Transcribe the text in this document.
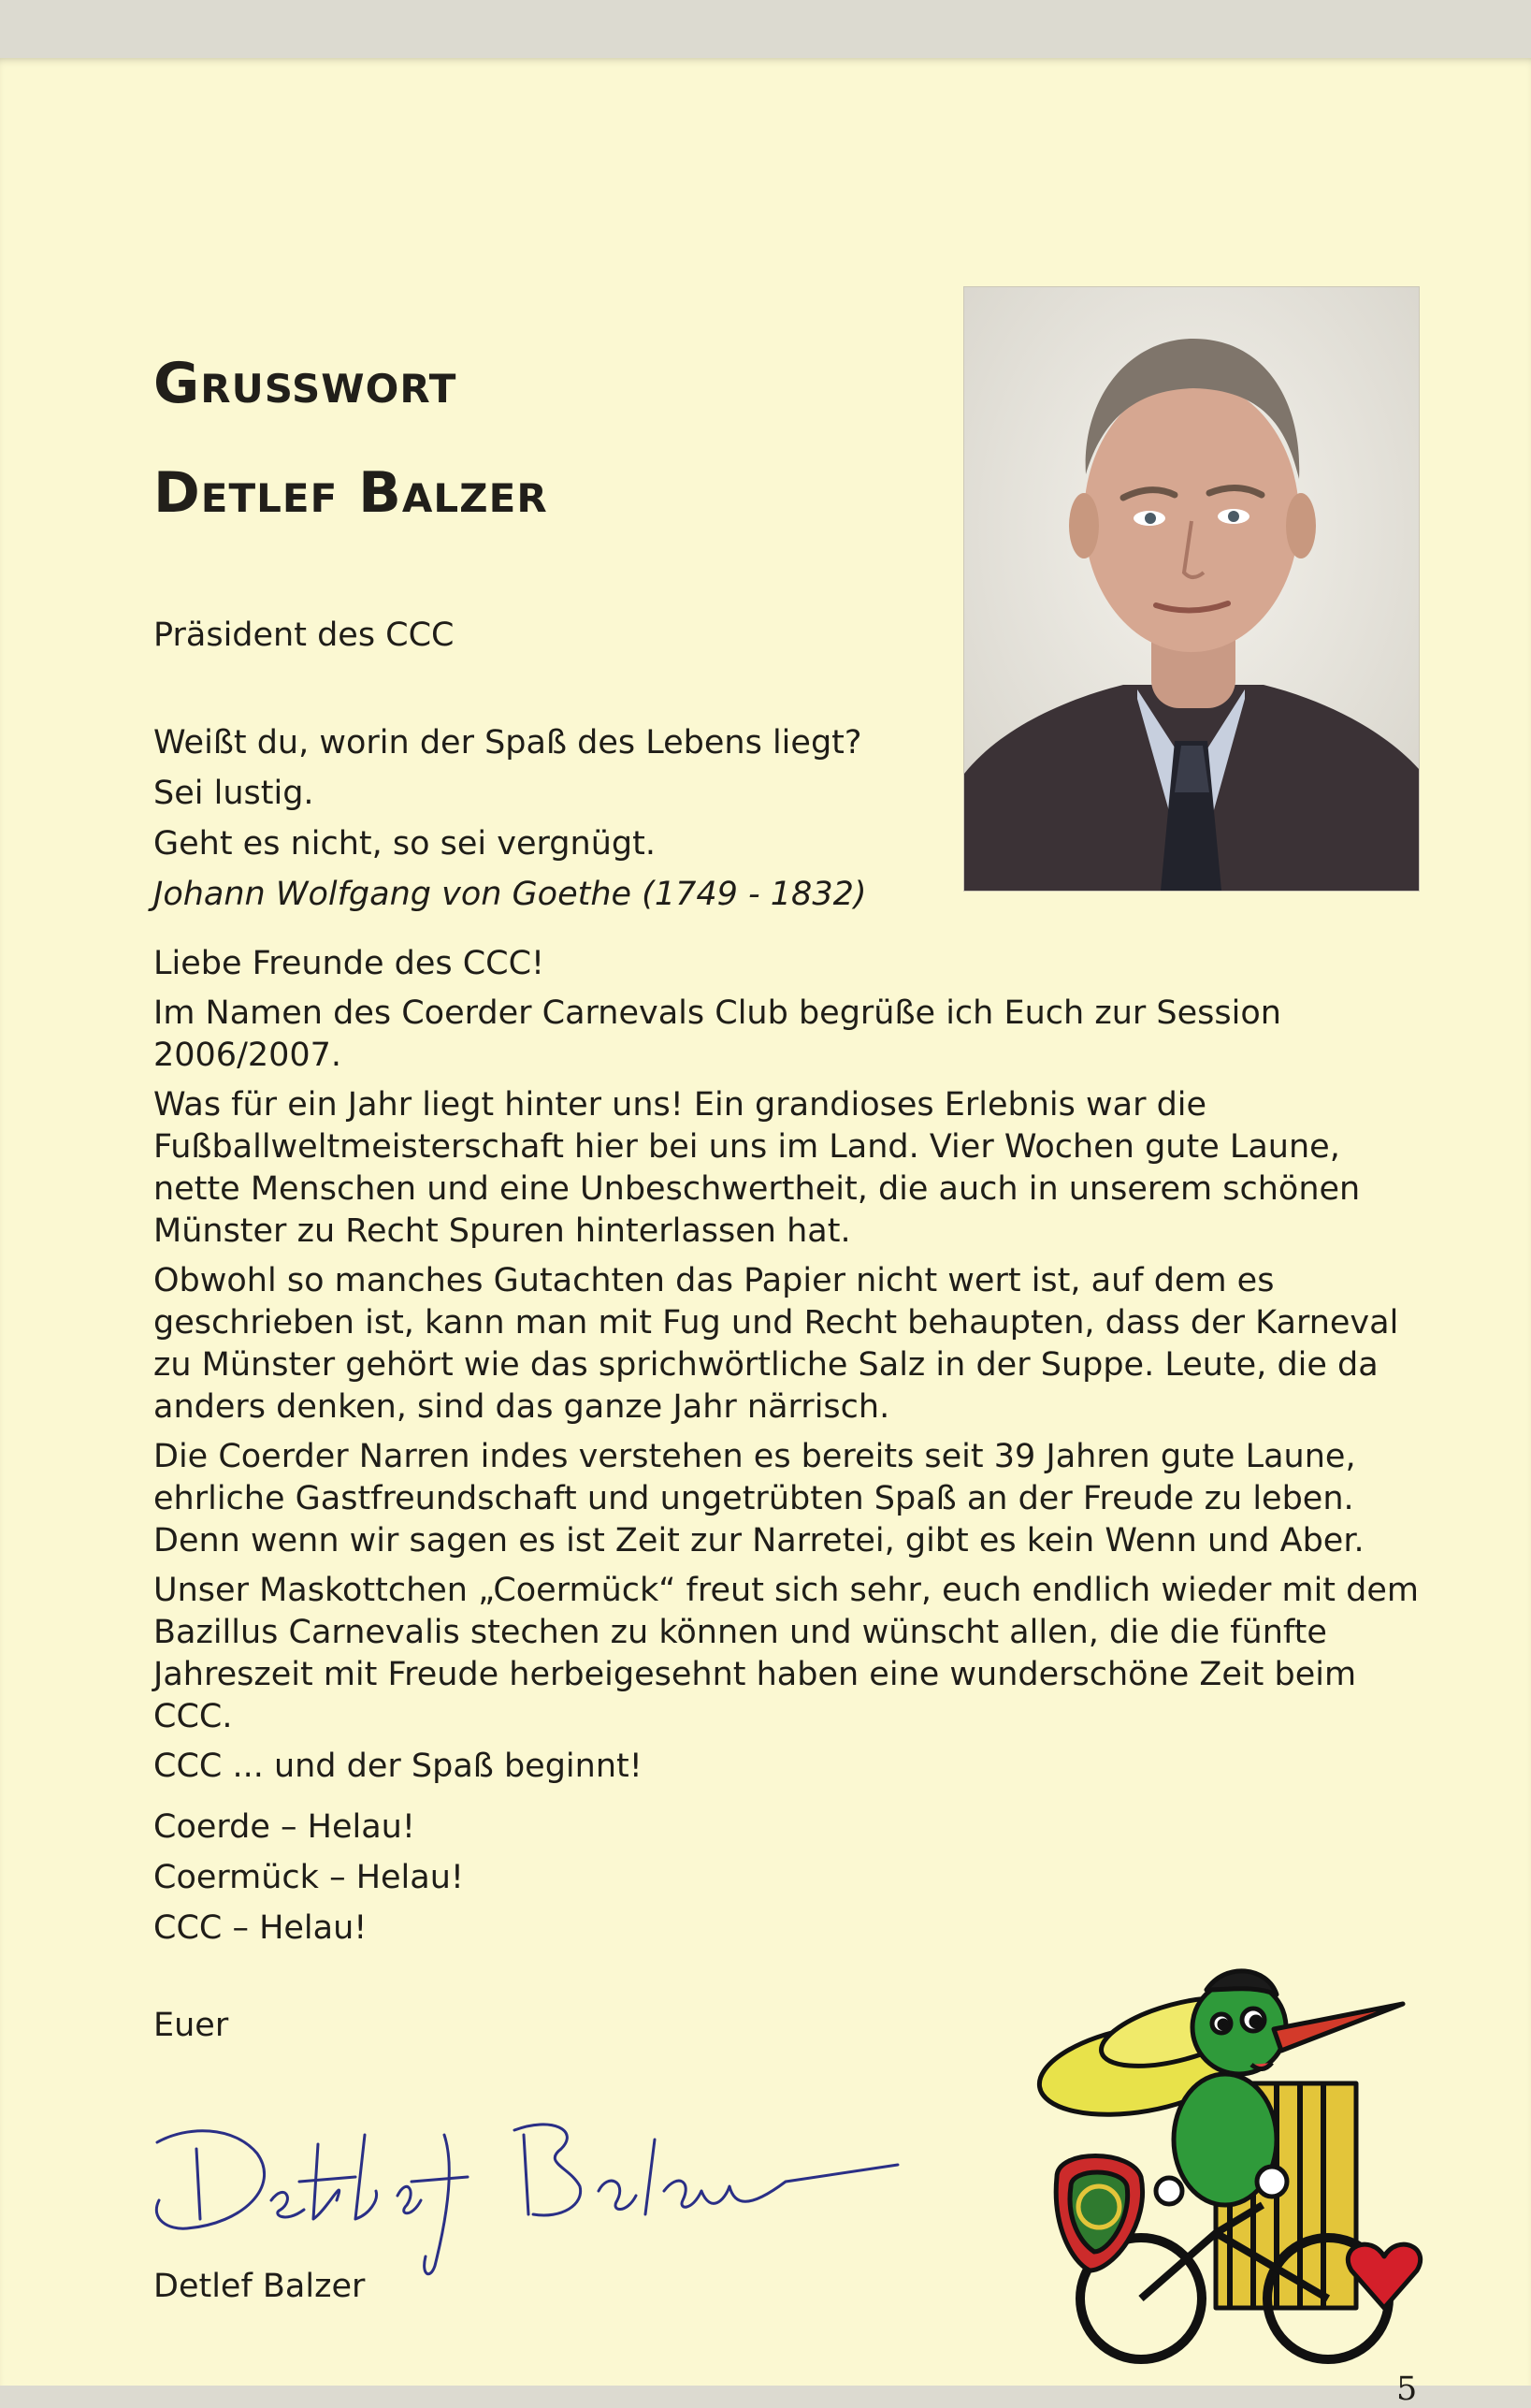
Grusswort
Detlef Balzer
Präsident des CCC
Weißt du, worin der Spaß des Lebens liegt?
Sei lustig.
Geht es nicht, so sei vergnügt.
Johann Wolfgang von Goethe (1749 - 1832)

Liebe Freunde des CCC!

Im Namen des Coerder Carnevals Club begrüße ich Euch zur Session 2006/2007.

Was für ein Jahr liegt hinter uns! Ein grandioses Erlebnis war die Fußballweltmeisterschaft hier bei uns im Land. Vier Wochen gute Laune, nette Menschen und eine Unbeschwertheit, die auch in unserem schönen Münster zu Recht Spuren hinterlassen hat.

Obwohl so manches Gutachten das Papier nicht wert ist, auf dem es geschrieben ist, kann man mit Fug und Recht behaupten, dass der Karneval zu Münster gehört wie das sprichwörtliche Salz in der Suppe. Leute, die da anders denken, sind das ganze Jahr närrisch.

Die Coerder Narren indes verstehen es bereits seit 39 Jahren gute Laune, ehrliche Gastfreundschaft und ungetrübten Spaß an der Freude zu leben. Denn wenn wir sagen es ist Zeit zur Narretei, gibt es kein Wenn und Aber.

Unser Maskottchen „Coermück“ freut sich sehr, euch endlich wieder mit dem Bazillus Carnevalis stechen zu können und wünscht allen, die die fünfte Jahreszeit mit Freude herbeigesehnt haben eine wunderschöne Zeit beim CCC.

CCC ... und der Spaß beginnt!

Coerde – Helau!
Coermück – Helau!
CCC – Helau!
Euer
Detlef Balzer
5
